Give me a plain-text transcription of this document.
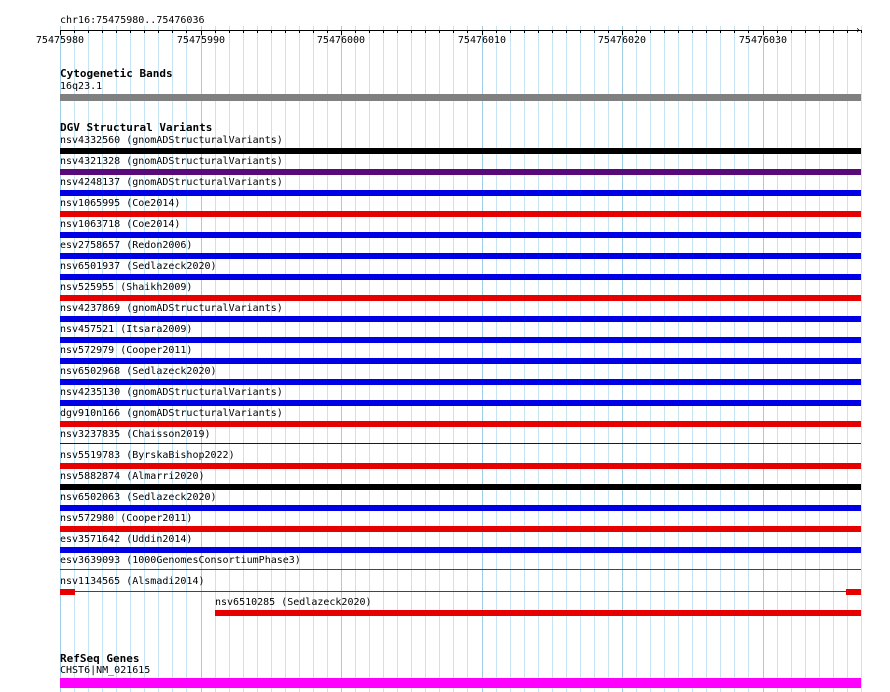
chr16:75475980..75476036
›
75475980	75475990	75476000	75476010	75476020	75476030
Cytogenetic Bands
16q23.1
DGV Structural Variants
nsv4332560 (gnomADStructuralVariants)
nsv4321328 (gnomADStructuralVariants)
nsv4248137 (gnomADStructuralVariants)
nsv1065995 (Coe2014)
nsv1063718 (Coe2014)
esv2758657 (Redon2006)
nsv6501937 (Sedlazeck2020)
nsv525955 (Shaikh2009)
nsv4237869 (gnomADStructuralVariants)
nsv457521 (Itsara2009)
nsv572979 (Cooper2011)
nsv6502968 (Sedlazeck2020)
nsv4235130 (gnomADStructuralVariants)
dgv910n166 (gnomADStructuralVariants)
nsv3237835 (Chaisson2019)
nsv5519783 (ByrskaBishop2022)
nsv5882874 (Almarri2020)
nsv6502063 (Sedlazeck2020)
nsv572980 (Cooper2011)
esv3571642 (Uddin2014)
esv3639093 (1000GenomesConsortiumPhase3)
nsv1134565 (Alsmadi2014)
nsv6510285 (Sedlazeck2020)
RefSeq Genes
CHST6|NM_021615
